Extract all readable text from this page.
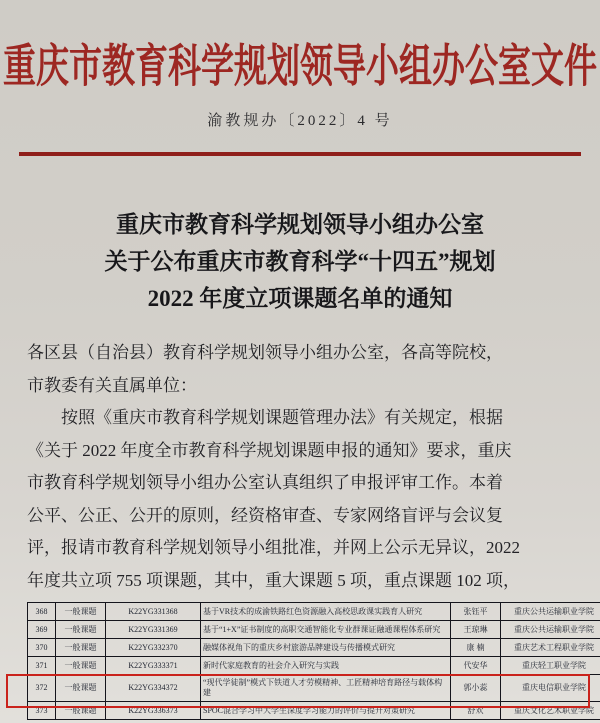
重庆市教育科学规划领导小组办公室文件
渝教规办〔2022〕4 号
重庆市教育科学规划领导小组办公室
关于公布重庆市教育科学“十四五”规划
2022 年度立项课题名单的通知
各区县（自治县）教育科学规划领导小组办公室，各高等院校，
市教委有关直属单位：
按照《重庆市教育科学规划课题管理办法》有关规定，根据
《关于 2022 年度全市教育科学规划课题申报的通知》要求，重庆
市教育科学规划领导小组办公室认真组织了申报评审工作。本着
公平、公正、公开的原则，经资格审查、专家网络盲评与会议复
评，报请市教育科学规划领导小组批准，并网上公示无异议，2022
年度共立项 755 项课题，其中，重大课题 5 项，重点课题 102 项，
368	一般课题	K22YG331368	基于VR技术的成渝铁路红色资源融入高校思政课实践育人研究	张钰平	重庆公共运输职业学院
369	一般课题	K22YG331369	基于“1+X”证书制度的高职交通智能化专业群课证融通课程体系研究	王琼琳	重庆公共运输职业学院
370	一般课题	K22YG332370	融媒体视角下的重庆乡村旅游品牌建设与传播模式研究	康 楠	重庆艺术工程职业学院
371	一般课题	K22YG333371	新时代家庭教育的社会介入研究与实践	代安华	重庆轻工职业学院
372	一般课题	K22YG334372	“现代学徒制”模式下铁道人才劳模精神、工匠精神培育路径与载体构建	郭小蕊	重庆电信职业学院
373	一般课题	K22YG336373	SPOC混合学习中大学生深度学习能力的评价与提升对策研究	舒欢	重庆文化艺术职业学院
